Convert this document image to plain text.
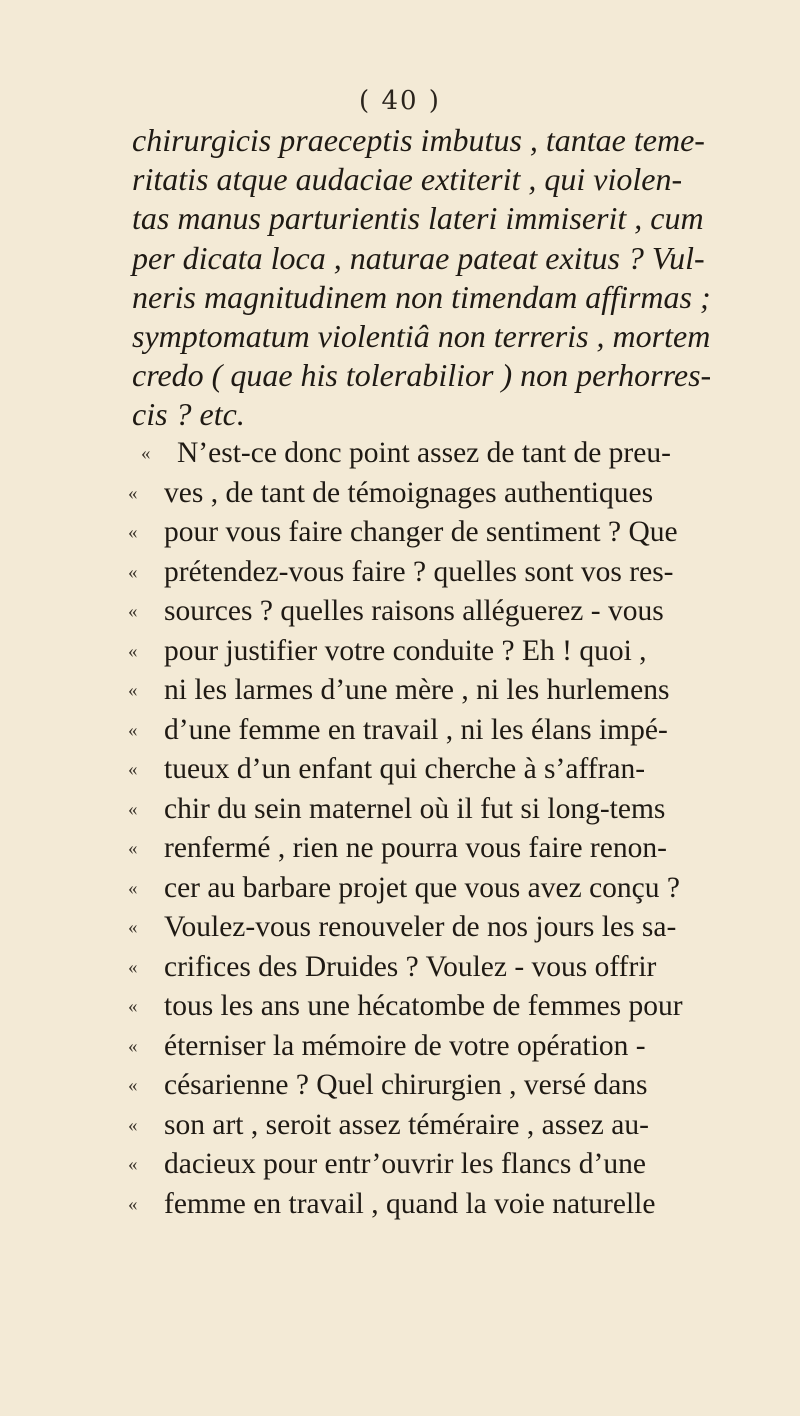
( 40 )
chirurgicis praeceptis imbutus , tantae teme-
ritatis atque audaciae extiterit , qui violen-
tas manus parturientis lateri immiserit , cum
per dicata loca , naturae pateat exitus ? Vul-
neris magnitudinem non timendam affirmas ;
symptomatum violentiâ non terreris , mortem
credo ( quae his tolerabilior ) non perhorres-
cis ? etc.
« N’est-ce donc point assez de tant de preu-
« ves , de tant de témoignages authentiques
« pour vous faire changer de sentiment ? Que
« prétendez-vous faire ? quelles sont vos res-
« sources ? quelles raisons alléguerez - vous
« pour justifier votre conduite ? Eh ! quoi ,
« ni les larmes d’une mère , ni les hurlemens
« d’une femme en travail , ni les élans impé-
« tueux d’un enfant qui cherche à s’affran-
« chir du sein maternel où il fut si long-tems
« renfermé , rien ne pourra vous faire renon-
« cer au barbare projet que vous avez conçu ?
« Voulez-vous renouveler de nos jours les sa-
« crifices des Druides ? Voulez - vous offrir
« tous les ans une hécatombe de femmes pour
« éterniser la mémoire de votre opération -
« césarienne ? Quel chirurgien , versé dans
« son art , seroit assez téméraire , assez au-
« dacieux pour entr’ouvrir les flancs d’une
« femme en travail , quand la voie naturelle
